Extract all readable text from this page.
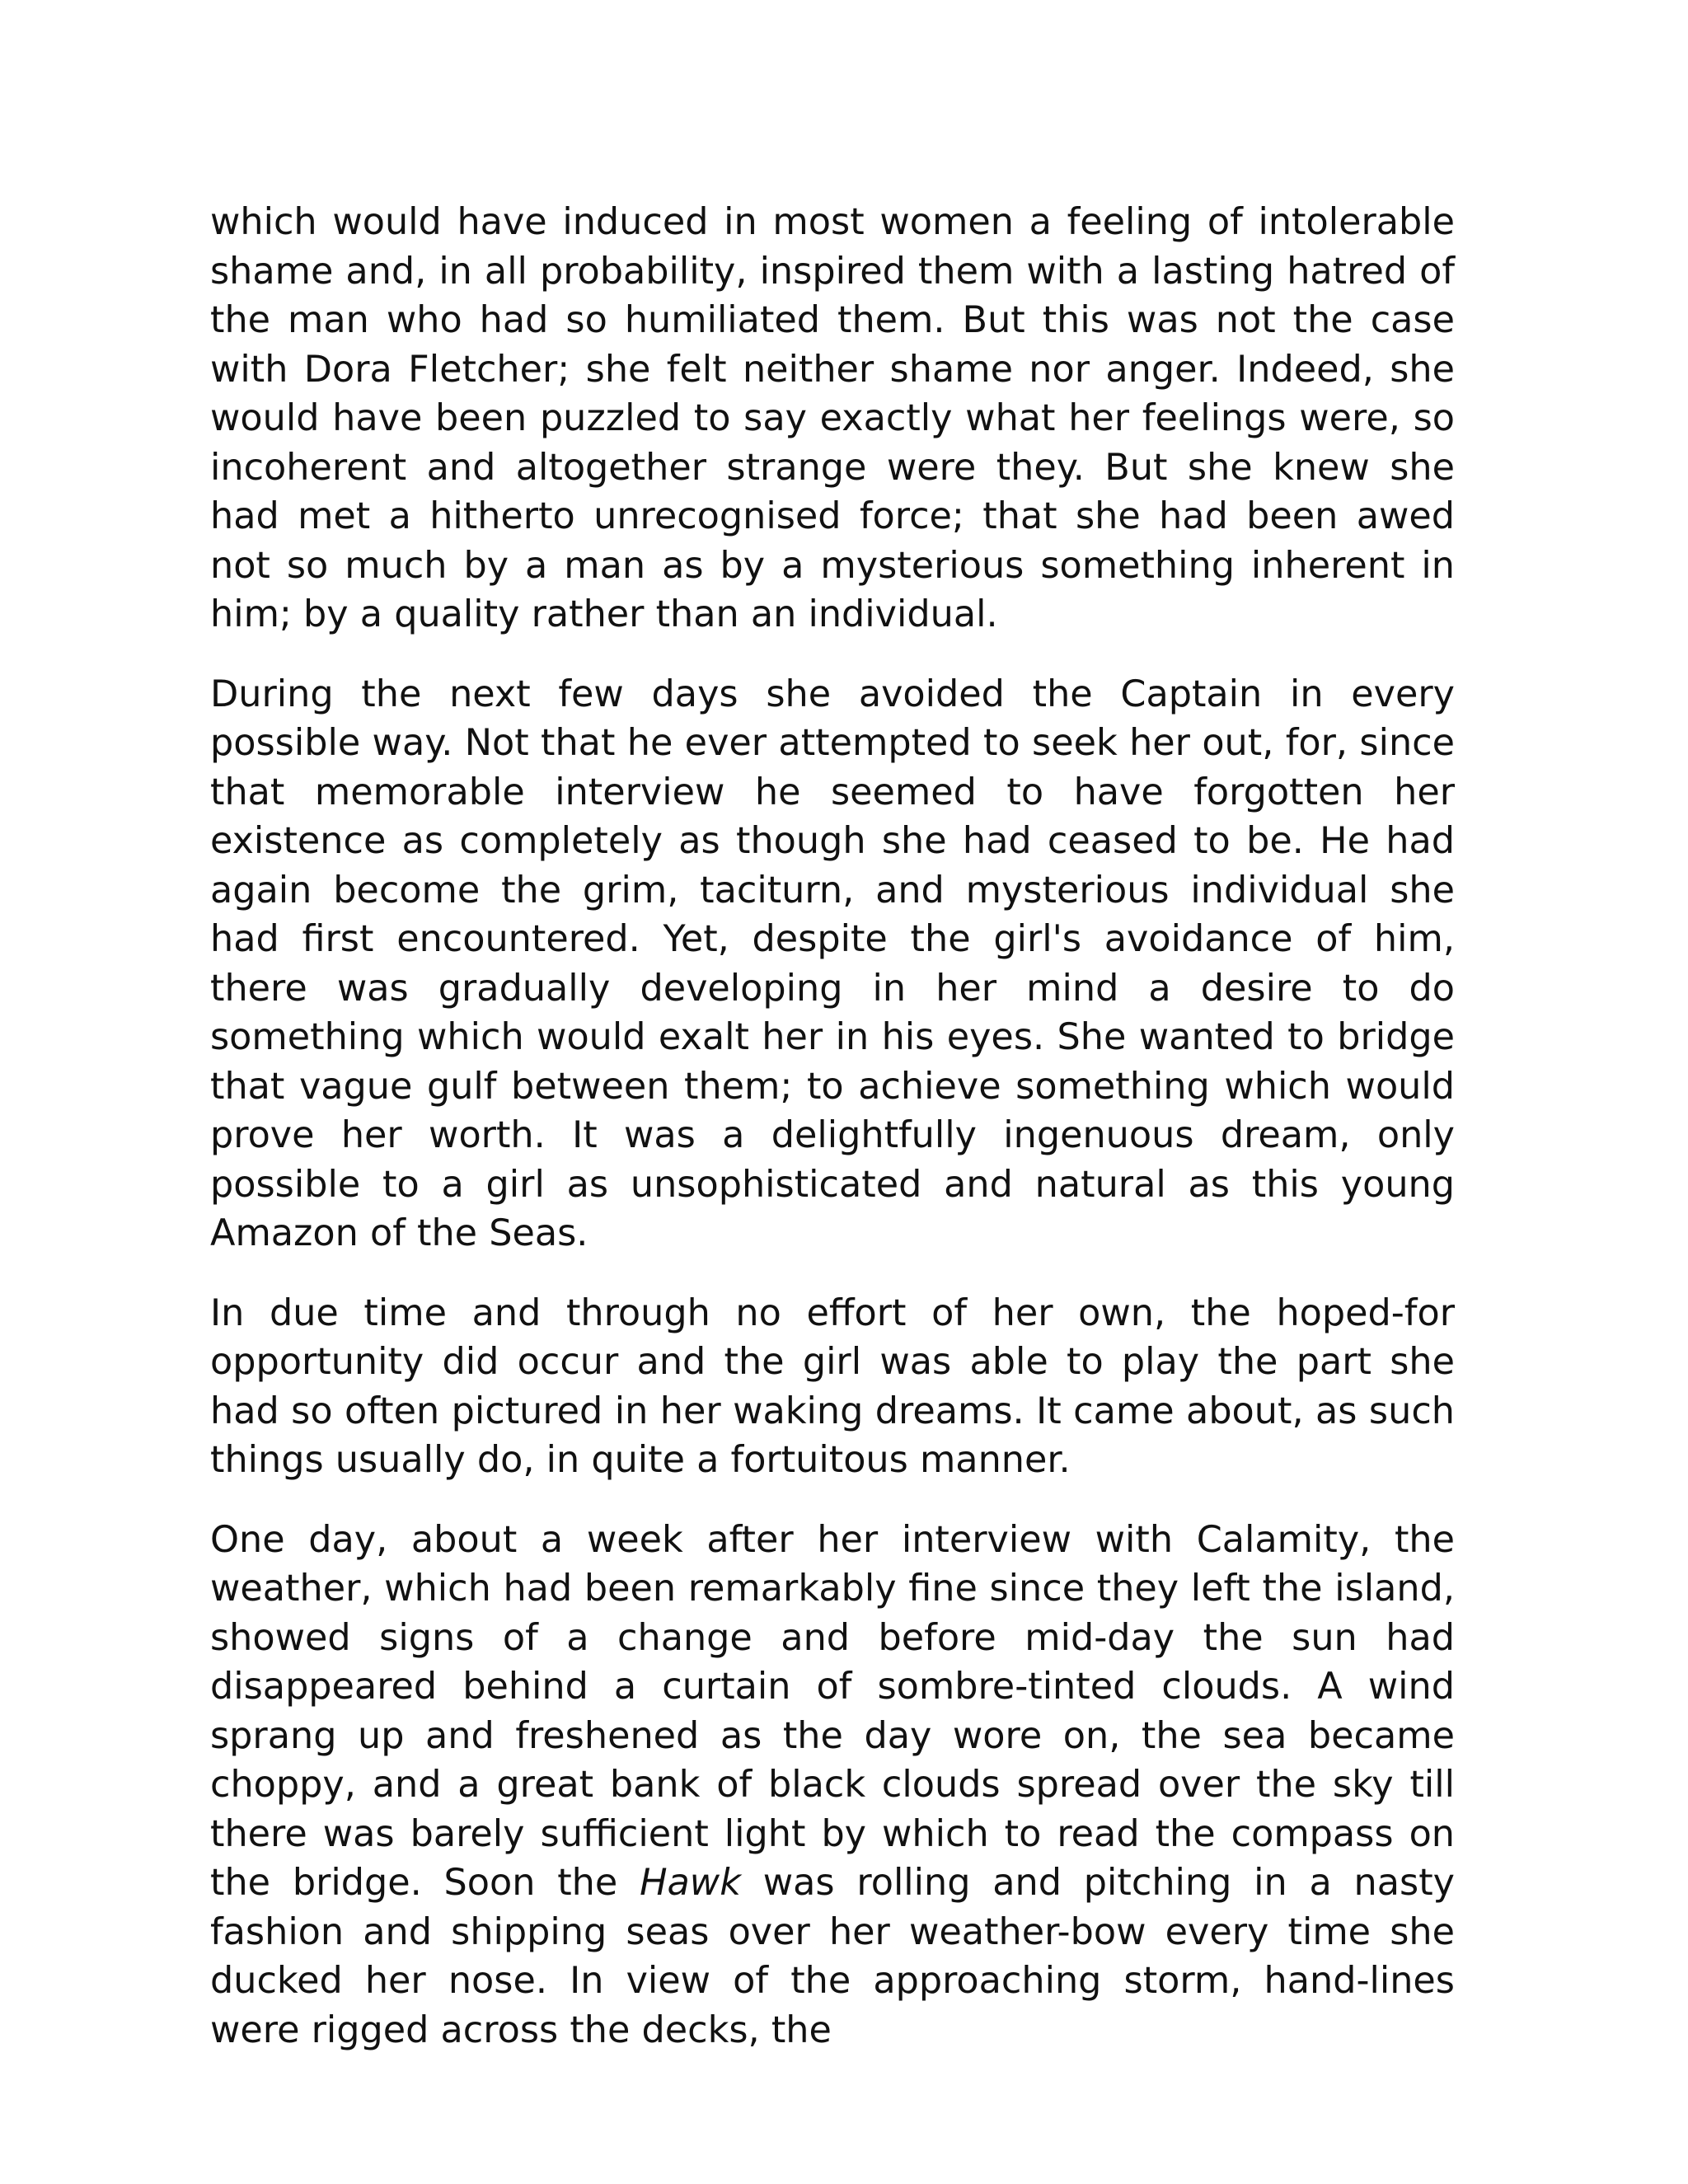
which would have induced in most women a feeling of intolerable shame and, in all probability, inspired them with a lasting hatred of the man who had so humiliated them. But this was not the case with Dora Fletcher; she felt neither shame nor anger. Indeed, she would have been puzzled to say exactly what her feelings were, so incoherent and altogether strange were they. But she knew she had met a hitherto unrecognised force; that she had been awed not so much by a man as by a mysterious something inherent in him; by a quality rather than an individual.

During the next few days she avoided the Captain in every possible way. Not that he ever attempted to seek her out, for, since that memorable interview he seemed to have forgotten her existence as completely as though she had ceased to be. He had again become the grim, taciturn, and mysterious individual she had first encountered. Yet, despite the girl's avoidance of him, there was gradually developing in her mind a desire to do something which would exalt her in his eyes. She wanted to bridge that vague gulf between them; to achieve something which would prove her worth. It was a delightfully ingenuous dream, only possible to a girl as unsophisticated and natural as this young Amazon of the Seas.

In due time and through no effort of her own, the hoped-for opportunity did occur and the girl was able to play the part she had so often pictured in her waking dreams. It came about, as such things usually do, in quite a fortuitous manner.

One day, about a week after her interview with Calamity, the weather, which had been remarkably fine since they left the island, showed signs of a change and before mid-day the sun had disappeared behind a curtain of sombre-tinted clouds. A wind sprang up and freshened as the day wore on, the sea became choppy, and a great bank of black clouds spread over the sky till there was barely sufficient light by which to read the compass on the bridge. Soon the Hawk was rolling and pitching in a nasty fashion and shipping seas over her weather-bow every time she ducked her nose. In view of the approaching storm, hand-lines were rigged across the decks, the
